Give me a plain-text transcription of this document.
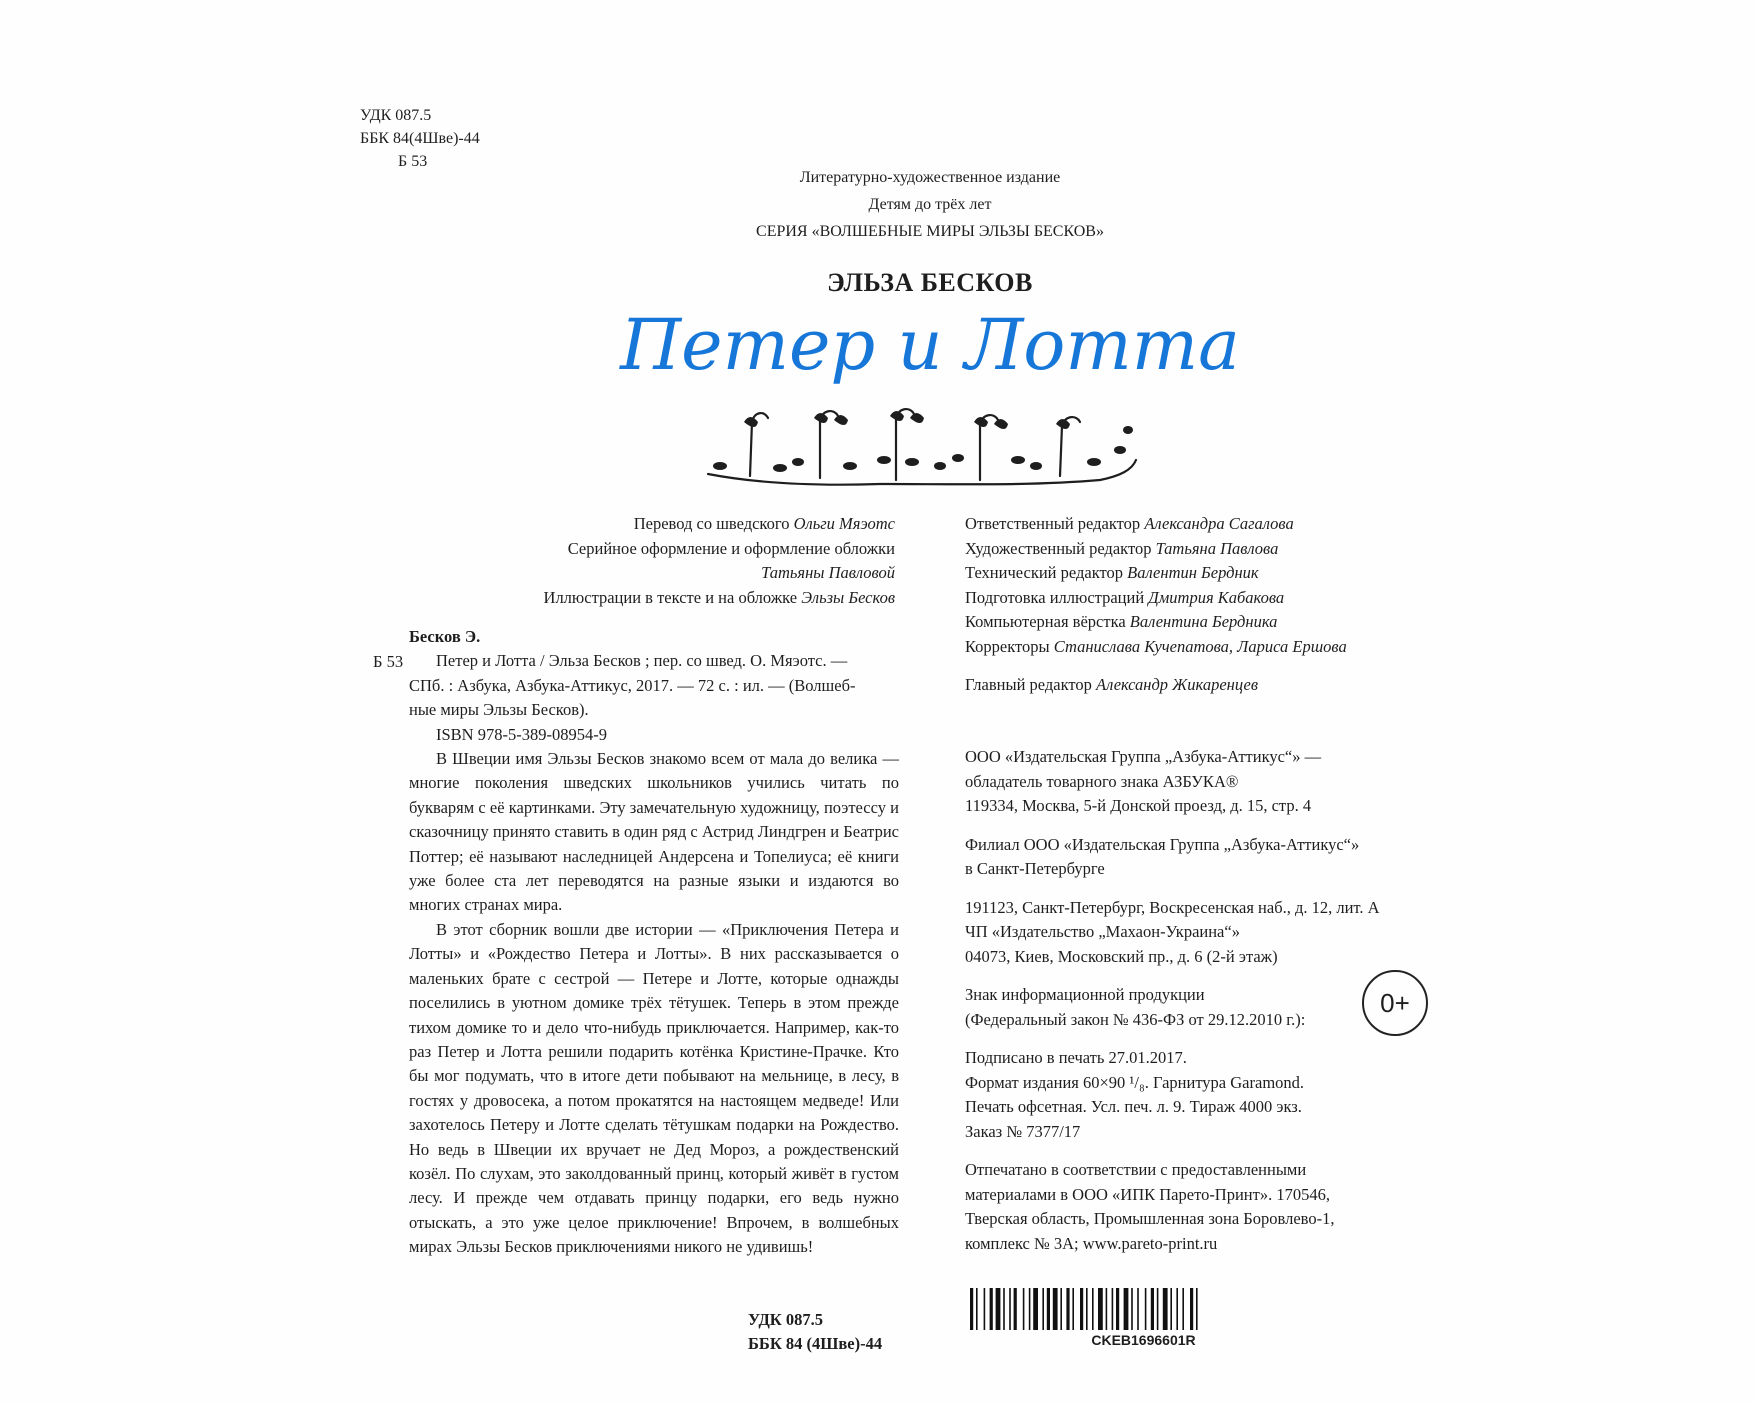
УДК 087.5
ББК 84(4Шве)-44
Б 53
Литературно-художественное издание
Детям до трёх лет
СЕРИЯ «ВОЛШЕБНЫЕ МИРЫ ЭЛЬЗЫ БЕСКОВ»
ЭЛЬЗА БЕСКОВ
Петер и Лотта
Перевод со шведского Ольги Мяэотс
Серийное оформление и оформление обложки
Татьяны Павловой
Иллюстрации в тексте и на обложке Эльзы Бесков
Ответственный редактор Александра Сагалова
Художественный редактор Татьяна Павлова
Технический редактор Валентин Бердник
Подготовка иллюстраций Дмитрия Кабакова
Компьютерная вёрстка Валентина Бердника
Корректоры Станислава Кучепатова, Лариса Ершова
Главный редактор Александр Жикаренцев
Б 53

Бесков Э.

Петер и Лотта / Эльза Бесков ; пер. со швед. О. Мяэотс. —

СПб. : Азбука, Азбука-Аттикус, 2017. — 72 с. : ил. — (Волшеб-

ные миры Эльзы Бесков).

ISBN 978-5-389-08954-9

В Швеции имя Эльзы Бесков знакомо всем от мала до велика — многие поколения шведских школьников учились читать по букварям с её картинками. Эту замечательную художницу, поэтессу и сказочницу принято ставить в один ряд с Астрид Линдгрен и Беатрис Поттер; её называют наследницей Андерсена и Топелиуса; её книги уже более ста лет переводятся на разные языки и издаются во многих странах мира.

В этот сборник вошли две истории — «Приключения Петера и Лотты» и «Рождество Петера и Лотты». В них рассказывается о маленьких брате с сестрой — Петере и Лотте, которые однажды поселились в уютном домике трёх тётушек. Теперь в этом прежде тихом домике то и дело что-нибудь приключается. Например, как-то раз Петер и Лотта решили подарить котёнка Кристине-Прачке. Кто бы мог подумать, что в итоге дети побывают на мельнице, в лесу, в гостях у дровосека, а потом прокатятся на настоящем медведе! Или захотелось Петеру и Лотте сделать тётушкам подарки на Рождество. Но ведь в Швеции их вручает не Дед Мороз, а рождественский козёл. По слухам, это заколдованный принц, который живёт в густом лесу. И прежде чем отдавать принцу подарки, его ведь нужно отыскать, а это уже целое приключение! Впрочем, в волшебных мирах Эльзы Бесков приключениями никого не удивишь!

УДК 087.5
ББК 84 (4Шве)-44

ООО «Издательская Группа „Азбука-Аттикус“» —
обладатель товарного знака АЗБУКА®
119334, Москва, 5-й Донской проезд, д. 15, стр. 4

Филиал ООО «Издательская Группа „Азбука-Аттикус“»
в Санкт-Петербурге

191123, Санкт-Петербург, Воскресенская наб., д. 12, лит. А
ЧП «Издательство „Махаон-Украина“»
04073, Киев, Московский пр., д. 6 (2-й этаж)

Знак информационной продукции
(Федеральный закон № 436-ФЗ от 29.12.2010 г.):

Подписано в печать 27.01.2017.
Формат издания 60×90 ¹/₈. Гарнитура Garamond.
Печать офсетная. Усл. печ. л. 9. Тираж 4000 экз.
Заказ № 7377/17

Отпечатано в соответствии с предоставленными
материалами в ООО «ИПК Парето-Принт». 170546,
Тверская область, Промышленная зона Боровлево-1,
комплекс № 3А; www.pareto-print.ru

0+
CKEB1696601R
